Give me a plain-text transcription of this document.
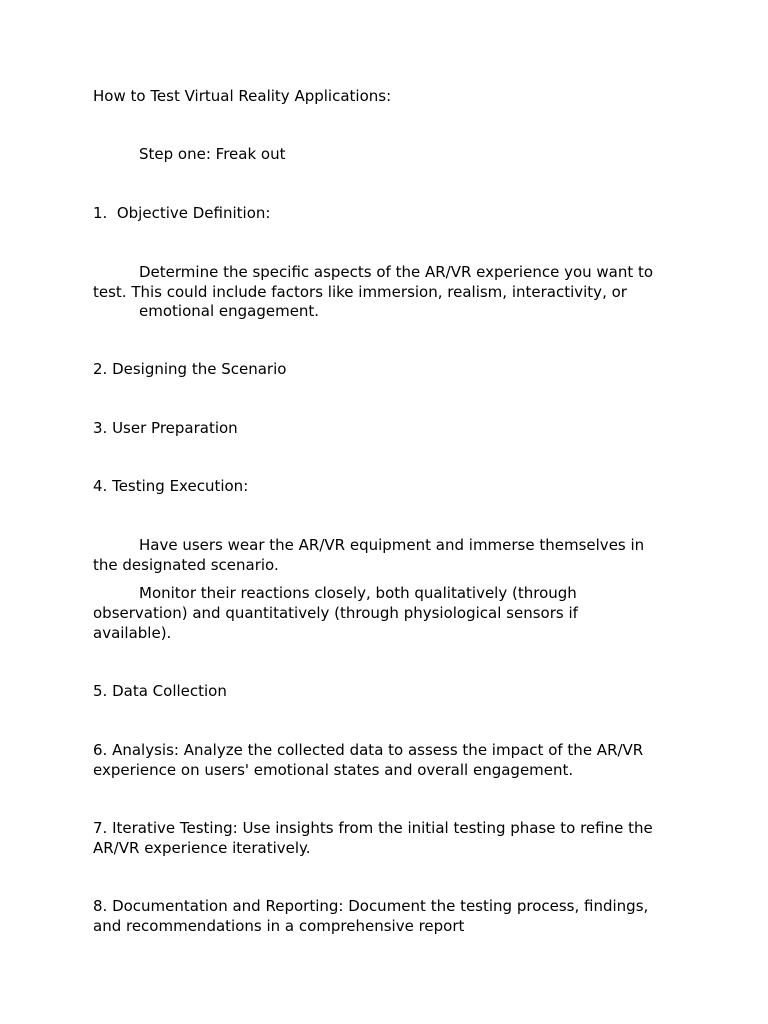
How to Test Virtual Reality Applications:

Step one: Freak out

1.  Objective Definition:

Determine the specific aspects of the AR/VR experience you want to

test. This could include factors like immersion, realism, interactivity, or

emotional engagement.

2. Designing the Scenario

3. User Preparation

4. Testing Execution:

Have users wear the AR/VR equipment and immerse themselves in

the designated scenario.

Monitor their reactions closely, both qualitatively (through

observation) and quantitatively (through physiological sensors if

available).

5. Data Collection

6. Analysis: Analyze the collected data to assess the impact of the AR/VR

experience on users' emotional states and overall engagement.

7. Iterative Testing: Use insights from the initial testing phase to refine the

AR/VR experience iteratively.

8. Documentation and Reporting: Document the testing process, findings,

and recommendations in a comprehensive report
